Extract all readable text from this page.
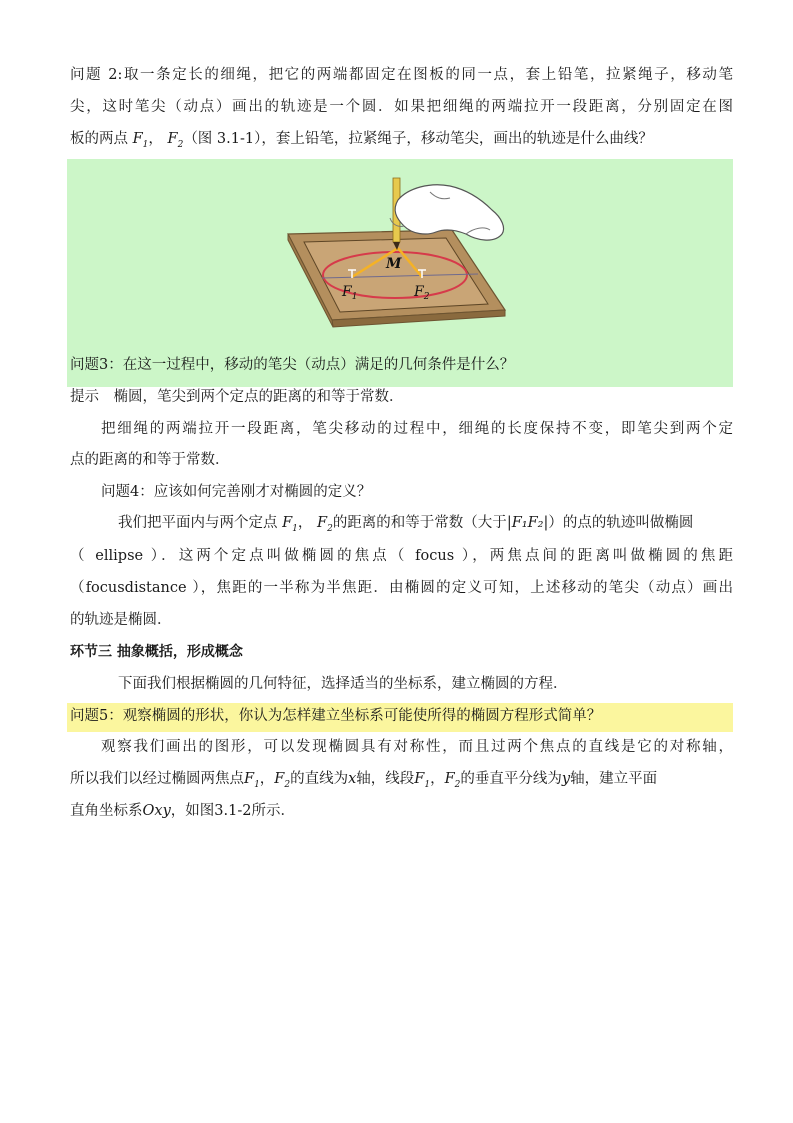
问题 2:取一条定长的细绳，把它的两端都固定在图板的同一点，套上铅笔，拉紧绳子，移动笔
尖，这时笔尖（动点）画出的轨迹是一个圆．如果把细绳的两端拉开一段距离，分别固定在图
板的两点 $F_1$， $F_2$（图 3.1-1），套上铅笔，拉紧绳子，移动笔尖，画出的轨迹是什么曲线？
M
$F_1$	$F_2$
问题3：在这一过程中，移动的笔尖（动点）满足的几何条件是什么？
提示　椭圆，笔尖到两个定点的距离的和等于常数．
把细绳的两端拉开一段距离，笔尖移动的过程中，细绳的长度保持不变，即笔尖到两个定
点的距离的和等于常数．
问题4：应该如何完善刚才对椭圆的定义？
我们把平面内与两个定点 $F_1$， $F_2$的距离的和等于常数（大于|F₁F₂|）的点的轨迹叫做椭圆
（ ellipse ）．这两个定点叫做椭圆的焦点（ focus ），两焦点间的距离叫做椭圆的焦距
（focusdistance ），焦距的一半称为半焦距．由椭圆的定义可知，上述移动的笔尖（动点）画出
的轨迹是椭圆．
环节三 抽象概括，形成概念
下面我们根据椭圆的几何特征，选择适当的坐标系，建立椭圆的方程．
问题5：观察椭圆的形状，你认为怎样建立坐标系可能使所得的椭圆方程形式简单？
观察我们画出的图形，可以发现椭圆具有对称性，而且过两个焦点的直线是它的对称轴，
所以我们以经过椭圆两焦点$F_1$，$F_2$的直线为x轴，线段$F_1$，$F_2$的垂直平分线为y轴，建立平面
直角坐标系Oxy，如图3.1-2所示．
